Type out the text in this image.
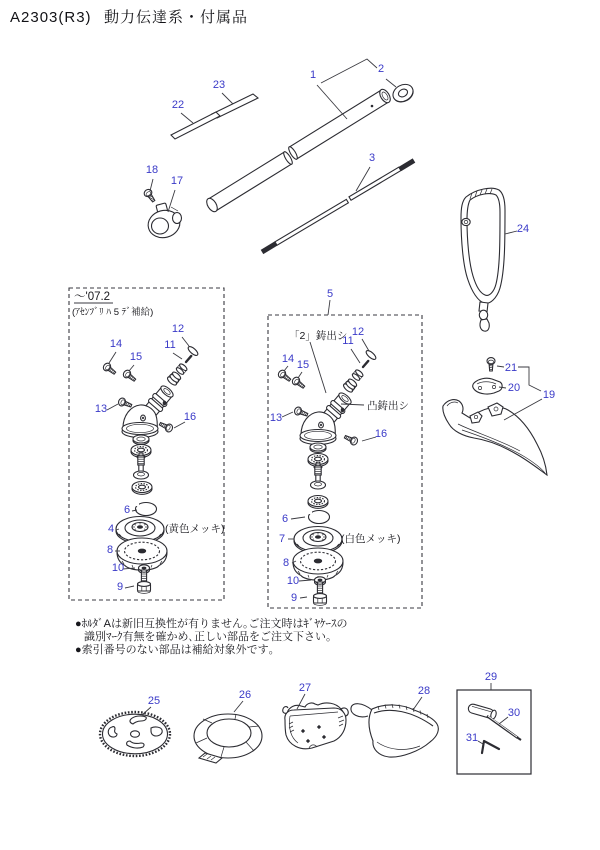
A2303(R3) 動力伝達系・付属品
1	2
3
17
18
22
23
24
～'07.2
(ｱｾﾝﾌﾞﾘ ﾊ 5 ﾃﾞ補給)
12
11
14
15
13
16
6
4
8
10
9
(黄色メッキ)
5
「2」鋳出シ
凸鋳出シ
12
11
14 15
13
16
6
7
8
10
9
(白色メッキ)
21
20
19
●ﾎﾙﾀﾞAは新旧互換性が有りません｡ご注文時はｷﾞﾔｹｰｽの
識別ﾏｰｸ有無を確かめ､正しい部品をご注文下さい｡
●索引番号のない部品は補給対象外です｡
25	26
27	28
29
30
31
